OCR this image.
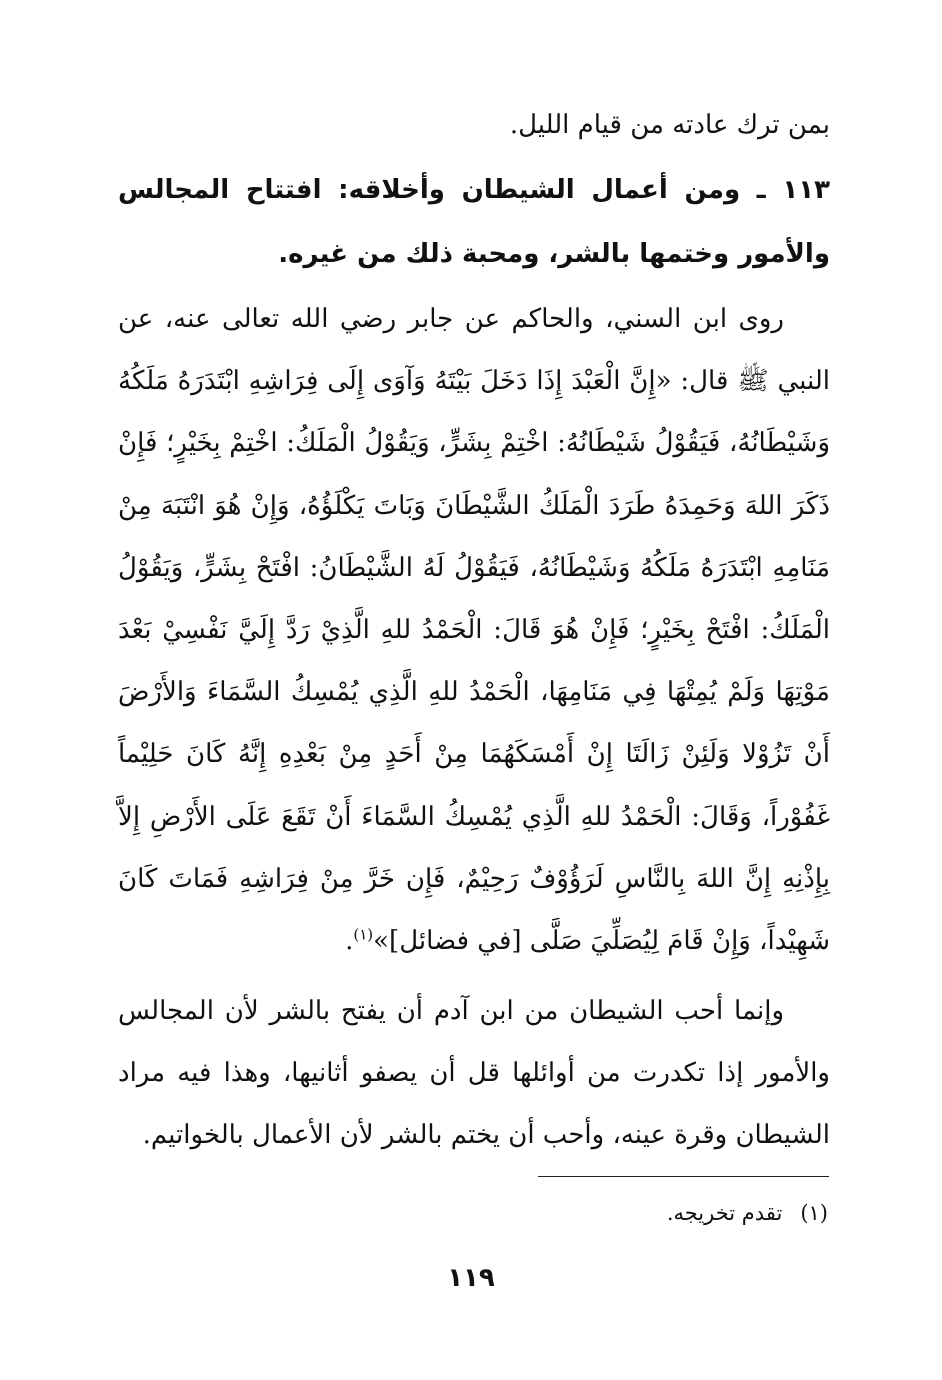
بمن ترك عادته من قيام الليل.

١١٣ ـ ومن أعمال الشيطان وأخلاقه: افتتاح المجالس والأمور وختمها بالشر، ومحبة ذلك من غيره.

روى ابن السني، والحاكم عن جابر رضي الله تعالى عنه، عن النبي ﷺ قال: «إِنَّ الْعَبْدَ إِذَا دَخَلَ بَيْتَهُ وَآوَى إِلَى فِرَاشِهِ ابْتَدَرَهُ مَلَكُهُ وَشَيْطَانُهُ، فَيَقُوْلُ شَيْطَانُهُ: اخْتِمْ بِشَرٍّ، وَيَقُوْلُ الْمَلَكُ: اخْتِمْ بِخَيْرٍ؛ فَإِنْ ذَكَرَ اللهَ وَحَمِدَهُ طَرَدَ الْمَلَكُ الشَّيْطَانَ وَبَاتَ يَكْلَؤُهُ، وَإِنْ هُوَ انْتَبَهَ مِنْ مَنَامِهِ ابْتَدَرَهُ مَلَكُهُ وَشَيْطَانُهُ، فَيَقُوْلُ لَهُ الشَّيْطَانُ: افْتَحْ بِشَرٍّ، وَيَقُوْلُ الْمَلَكُ: افْتَحْ بِخَيْرٍ؛ فَإِنْ هُوَ قَالَ: الْحَمْدُ للهِ الَّذِيْ رَدَّ إِلَيَّ نَفْسِيْ بَعْدَ مَوْتِهَا وَلَمْ يُمِتْهَا فِي مَنَامِهَا، الْحَمْدُ للهِ الَّذِي يُمْسِكُ السَّمَاءَ وَالأَرْضَ أَنْ تَزُوْلا وَلَئِنْ زَالَتَا إِنْ أَمْسَكَهُمَا مِنْ أَحَدٍ مِنْ بَعْدِهِ إِنَّهُ كَانَ حَلِيْماً غَفُوْراً، وَقَالَ: الْحَمْدُ للهِ الَّذِي يُمْسِكُ السَّمَاءَ أَنْ تَقَعَ عَلَى الأَرْضِ إِلاَّ بِإِذْنِهِ إِنَّ اللهَ بِالنَّاسِ لَرَؤُوْفٌ رَحِيْمٌ، فَإِن خَرَّ مِنْ فِرَاشِهِ فَمَاتَ كَانَ شَهِيْداً، وَإِنْ قَامَ لِيُصَلِّيَ صَلَّى [في فضائل]»$^{(١)}$.

وإنما أحب الشيطان من ابن آدم أن يفتح بالشر لأن المجالس والأمور إذا تكدرت من أوائلها قل أن يصفو أثانيها، وهذا فيه مراد الشيطان وقرة عينه، وأحب أن يختم بالشر لأن الأعمال بالخواتيم.

(١)تقدم تخريجه.
١١٩
